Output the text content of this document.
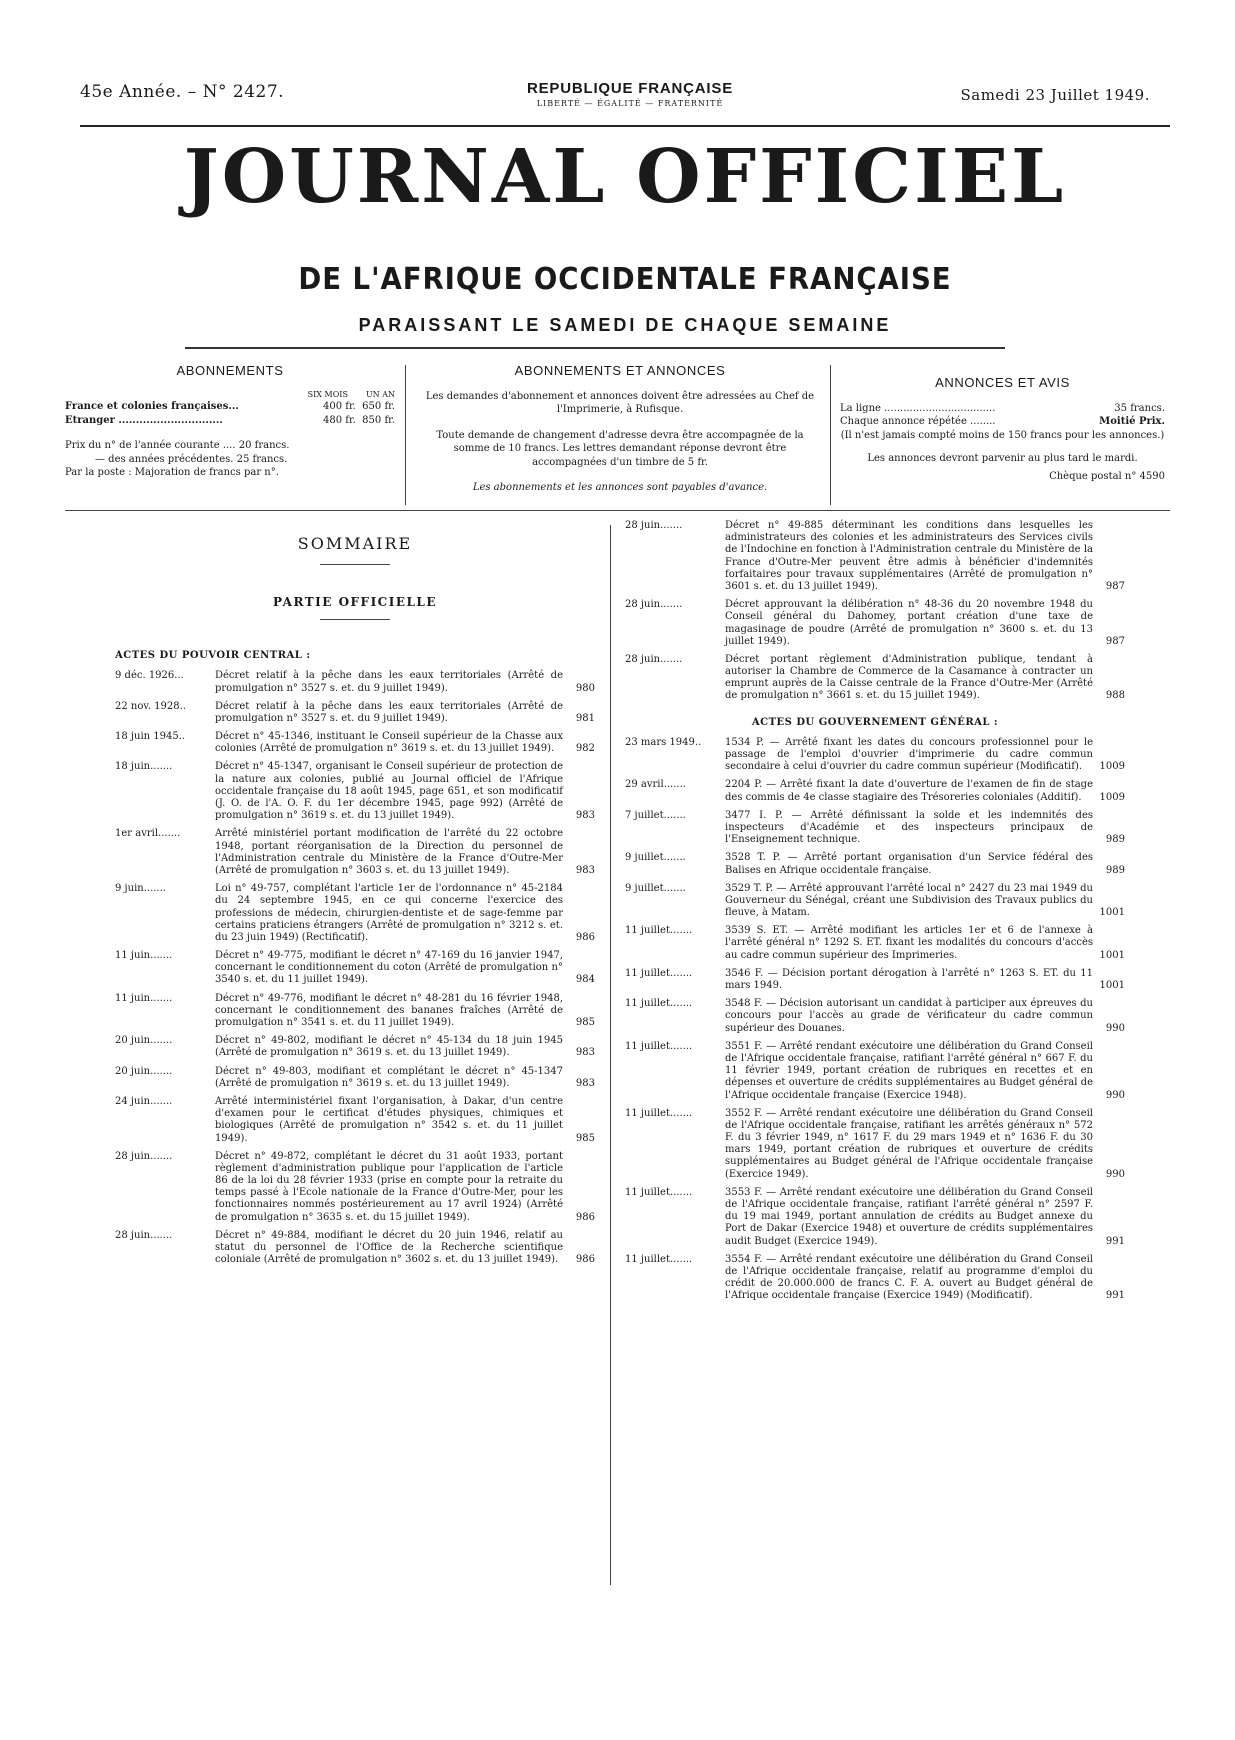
45e Année. – N° 2427.	REPUBLIQUE FRANÇAISE
LIBERTÉ — ÉGALITÉ — FRATERNITÉ	Samedi 23 Juillet 1949.
JOURNAL OFFICIEL
DE L'AFRIQUE OCCIDENTALE FRANÇAISE
PARAISSANT LE SAMEDI DE CHAQUE SEMAINE
ABONNEMENTS
SIX MOIS UN AN
France et colonies françaises...	400 fr. 650 fr.
Etranger ..............................	480 fr. 850 fr.
Prix du n° de l'année courante .... 20 francs.
— des années précédentes. 25 francs.
Par la poste : Majoration de francs par n°.
ABONNEMENTS ET ANNONCES
Les demandes d'abonnement et annonces doivent être adressées au Chef de l'Imprimerie, à Rufisque.
Toute demande de changement d'adresse devra être accompagnée de la somme de 10 francs. Les lettres demandant réponse devront être accompagnées d'un timbre de 5 fr.
Les abonnements et les annonces sont payables d'avance.
ANNONCES ET AVIS
La ligne ...................................	35 francs.
Chaque annonce répétée ........	Moitié Prix.
(Il n'est jamais compté moins de 150 francs pour les annonces.)
Les annonces devront parvenir au plus tard le mardi.
Chèque postal n° 4590
SOMMAIRE
PARTIE OFFICIELLE
ACTES DU POUVOIR CENTRAL :
9 déc. 1926...	Décret relatif à la pêche dans les eaux territoriales (Arrêté de promulgation n° 3527 s. et. du 9 juillet 1949).	980
22 nov. 1928..	Décret relatif à la pêche dans les eaux territoriales (Arrêté de promulgation n° 3527 s. et. du 9 juillet 1949).	981
18 juin 1945..	Décret n° 45-1346, instituant le Conseil supérieur de la Chasse aux colonies (Arrêté de promulgation n° 3619 s. et. du 13 juillet 1949).	982
18 juin.......	Décret n° 45-1347, organisant le Conseil supérieur de protection de la nature aux colonies, publié au Journal officiel de l'Afrique occidentale française du 18 août 1945, page 651, et son modificatif (J. O. de l'A. O. F. du 1er décembre 1945, page 992) (Arrêté de promulgation n° 3619 s. et. du 13 juillet 1949).	983
1er avril.......	Arrêté ministériel portant modification de l'arrêté du 22 octobre 1948, portant réorganisation de la Direction du personnel de l'Administration centrale du Ministère de la France d'Outre-Mer (Arrêté de promulgation n° 3603 s. et. du 13 juillet 1949).	983
9 juin.......	Loi n° 49-757, complétant l'article 1er de l'ordonnance n° 45-2184 du 24 septembre 1945, en ce qui concerne l'exercice des professions de médecin, chirurgien-dentiste et de sage-femme par certains praticiens étrangers (Arrêté de promulgation n° 3212 s. et. du 23 juin 1949) (Rectificatif).	986
11 juin.......	Décret n° 49-775, modifiant le décret n° 47-169 du 16 janvier 1947, concernant le conditionnement du coton (Arrêté de promulgation n° 3540 s. et. du 11 juillet 1949).	984
11 juin.......	Décret n° 49-776, modifiant le décret n° 48-281 du 16 février 1948, concernant le conditionnement des bananes fraîches (Arrêté de promulgation n° 3541 s. et. du 11 juillet 1949).	985
20 juin.......	Décret n° 49-802, modifiant le décret n° 45-134 du 18 juin 1945 (Arrêté de promulgation n° 3619 s. et. du 13 juillet 1949).	983
20 juin.......	Décret n° 49-803, modifiant et complétant le décret n° 45-1347 (Arrêté de promulgation n° 3619 s. et. du 13 juillet 1949).	983
24 juin.......	Arrêté interministériel fixant l'organisation, à Dakar, d'un centre d'examen pour le certificat d'études physiques, chimiques et biologiques (Arrêté de promulgation n° 3542 s. et. du 11 juillet 1949).	985
28 juin.......	Décret n° 49-872, complétant le décret du 31 août 1933, portant règlement d'administration publique pour l'application de l'article 86 de la loi du 28 février 1933 (prise en compte pour la retraite du temps passé à l'Ecole nationale de la France d'Outre-Mer, pour les fonctionnaires nommés postérieurement au 17 avril 1924) (Arrêté de promulgation n° 3635 s. et. du 15 juillet 1949).	986
28 juin.......	Décret n° 49-884, modifiant le décret du 20 juin 1946, relatif au statut du personnel de l'Office de la Recherche scientifique coloniale (Arrêté de promulgation n° 3602 s. et. du 13 juillet 1949).	986
28 juin.......	Décret n° 49-885 déterminant les conditions dans lesquelles les administrateurs des colonies et les administrateurs des Services civils de l'Indochine en fonction à l'Administration centrale du Ministère de la France d'Outre-Mer peuvent être admis à bénéficier d'indemnités forfaitaires pour travaux supplémentaires (Arrêté de promulgation n° 3601 s. et. du 13 juillet 1949).	987
28 juin.......	Décret approuvant la délibération n° 48-36 du 20 novembre 1948 du Conseil général du Dahomey, portant création d'une taxe de magasinage de poudre (Arrêté de promulgation n° 3600 s. et. du 13 juillet 1949).	987
28 juin.......	Décret portant règlement d'Administration publique, tendant à autoriser la Chambre de Commerce de la Casamance à contracter un emprunt auprès de la Caisse centrale de la France d'Outre-Mer (Arrêté de promulgation n° 3661 s. et. du 15 juillet 1949).	988
ACTES DU GOUVERNEMENT GÉNÉRAL :
23 mars 1949..	1534 P. — Arrêté fixant les dates du concours professionnel pour le passage de l'emploi d'ouvrier d'imprimerie du cadre commun secondaire à celui d'ouvrier du cadre commun supérieur (Modificatif).	1009
29 avril.......	2204 P. — Arrêté fixant la date d'ouverture de l'examen de fin de stage des commis de 4e classe stagiaire des Trésoreries coloniales (Additif).	1009
7 juillet.......	3477 I. P. — Arrêté définissant la solde et les indemnités des inspecteurs d'Académie et des inspecteurs principaux de l'Enseignement technique.	989
9 juillet.......	3528 T. P. — Arrêté portant organisation d'un Service fédéral des Balises en Afrique occidentale française.	989
9 juillet.......	3529 T. P. — Arrêté approuvant l'arrêté local n° 2427 du 23 mai 1949 du Gouverneur du Sénégal, créant une Subdivision des Travaux publics du fleuve, à Matam.	1001
11 juillet.......	3539 S. ET. — Arrêté modifiant les articles 1er et 6 de l'annexe à l'arrêté général n° 1292 S. ET. fixant les modalités du concours d'accès au cadre commun supérieur des Imprimeries.	1001
11 juillet.......	3546 F. — Décision portant dérogation à l'arrêté n° 1263 S. ET. du 11 mars 1949.	1001
11 juillet.......	3548 F. — Décision autorisant un candidat à participer aux épreuves du concours pour l'accès au grade de vérificateur du cadre commun supérieur des Douanes.	990
11 juillet.......	3551 F. — Arrêté rendant exécutoire une délibération du Grand Conseil de l'Afrique occidentale française, ratifiant l'arrêté général n° 667 F. du 11 février 1949, portant création de rubriques en recettes et en dépenses et ouverture de crédits supplémentaires au Budget général de l'Afrique occidentale française (Exercice 1948).	990
11 juillet.......	3552 F. — Arrêté rendant exécutoire une délibération du Grand Conseil de l'Afrique occidentale française, ratifiant les arrêtés généraux n° 572 F. du 3 février 1949, n° 1617 F. du 29 mars 1949 et n° 1636 F. du 30 mars 1949, portant création de rubriques et ouverture de crédits supplémentaires au Budget général de l'Afrique occidentale française (Exercice 1949).	990
11 juillet.......	3553 F. — Arrêté rendant exécutoire une délibération du Grand Conseil de l'Afrique occidentale française, ratifiant l'arrêté général n° 2597 F. du 19 mai 1949, portant annulation de crédits au Budget annexe du Port de Dakar (Exercice 1948) et ouverture de crédits supplémentaires audit Budget (Exercice 1949).	991
11 juillet.......	3554 F. — Arrêté rendant exécutoire une délibération du Grand Conseil de l'Afrique occidentale française, relatif au programme d'emploi du crédit de 20.000.000 de francs C. F. A. ouvert au Budget général de l'Afrique occidentale française (Exercice 1949) (Modificatif).	991
